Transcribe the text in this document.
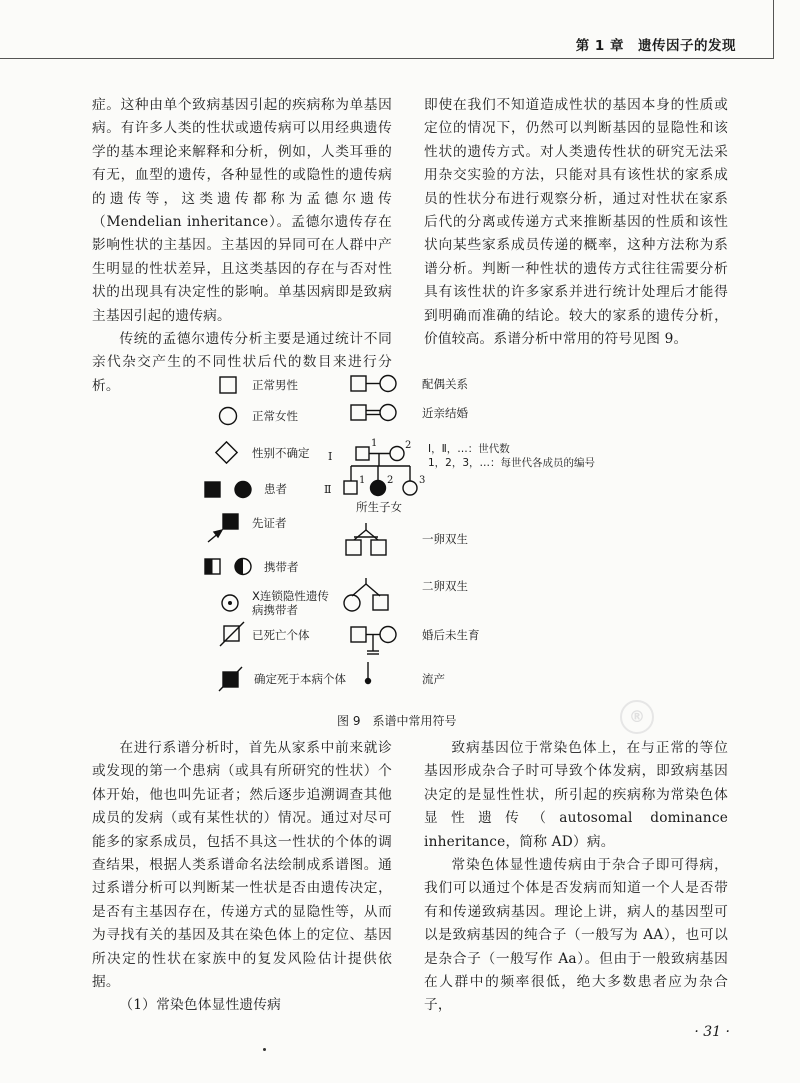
第 1 章　遗传因子的发现

症。这种由单个致病基因引起的疾病称为单基因病。有许多人类的性状或遗传病可以用经典遗传学的基本理论来解释和分析，例如，人类耳垂的有无，血型的遗传，各种显性的或隐性的遗传病的遗传等，这类遗传都称为孟德尔遗传（Mendelian inheritance）。孟德尔遗传存在影响性状的主基因。主基因的异同可在人群中产生明显的性状差异，且这类基因的存在与否对性状的出现具有决定性的影响。单基因病即是致病主基因引起的遗传病。

传统的孟德尔遗传分析主要是通过统计不同亲代杂交产生的不同性状后代的数目来进行分析。

即使在我们不知道造成性状的基因本身的性质或定位的情况下，仍然可以判断基因的显隐性和该性状的遗传方式。对人类遗传性状的研究无法采用杂交实验的方法，只能对具有该性状的家系成员的性状分布进行观察分析，通过对性状在家系后代的分离或传递方式来推断基因的性质和该性状向某些家系成员传递的概率，这种方法称为系谱分析。判断一种性状的遗传方式往往需要分析具有该性状的许多家系并进行统计处理后才能得到明确而准确的结论。较大的家系的遗传分析，价值较高。系谱分析中常用的符号见图 9。

正常男性
正常女性
性别不确定
患者
先证者
携带者
X连锁隐性遗传
病携带者
已死亡个体
确定死于本病个体
配偶关系
近亲结婚
Ⅰ，Ⅱ，…：世代数
1，2，3，…：每世代各成员的编号
所生子女
一卵双生
二卵双生
婚后未生育
流产
Ⅰ
Ⅱ
1	2
1 2	3
图 9　系谱中常用符号	®

在进行系谱分析时，首先从家系中前来就诊或发现的第一个患病（或具有所研究的性状）个体开始，他也叫先证者；然后逐步追溯调查其他成员的发病（或有某性状的）情况。通过对尽可能多的家系成员，包括不具这一性状的个体的调查结果，根据人类系谱命名法绘制成系谱图。通过系谱分析可以判断某一性状是否由遗传决定，是否有主基因存在，传递方式的显隐性等，从而为寻找有关的基因及其在染色体上的定位、基因所决定的性状在家族中的复发风险估计提供依据。

（1）常染色体显性遗传病

致病基因位于常染色体上，在与正常的等位基因形成杂合子时可导致个体发病，即致病基因决定的是显性性状，所引起的疾病称为常染色体显性遗传（autosomal dominance inheritance，简称 AD）病。

常染色体显性遗传病由于杂合子即可得病，我们可以通过个体是否发病而知道一个人是否带有和传递致病基因。理论上讲，病人的基因型可以是致病基因的纯合子（一般写为 AA），也可以是杂合子（一般写作 Aa）。但由于一般致病基因在人群中的频率很低，绝大多数患者应为杂合子，

· 31 ·
